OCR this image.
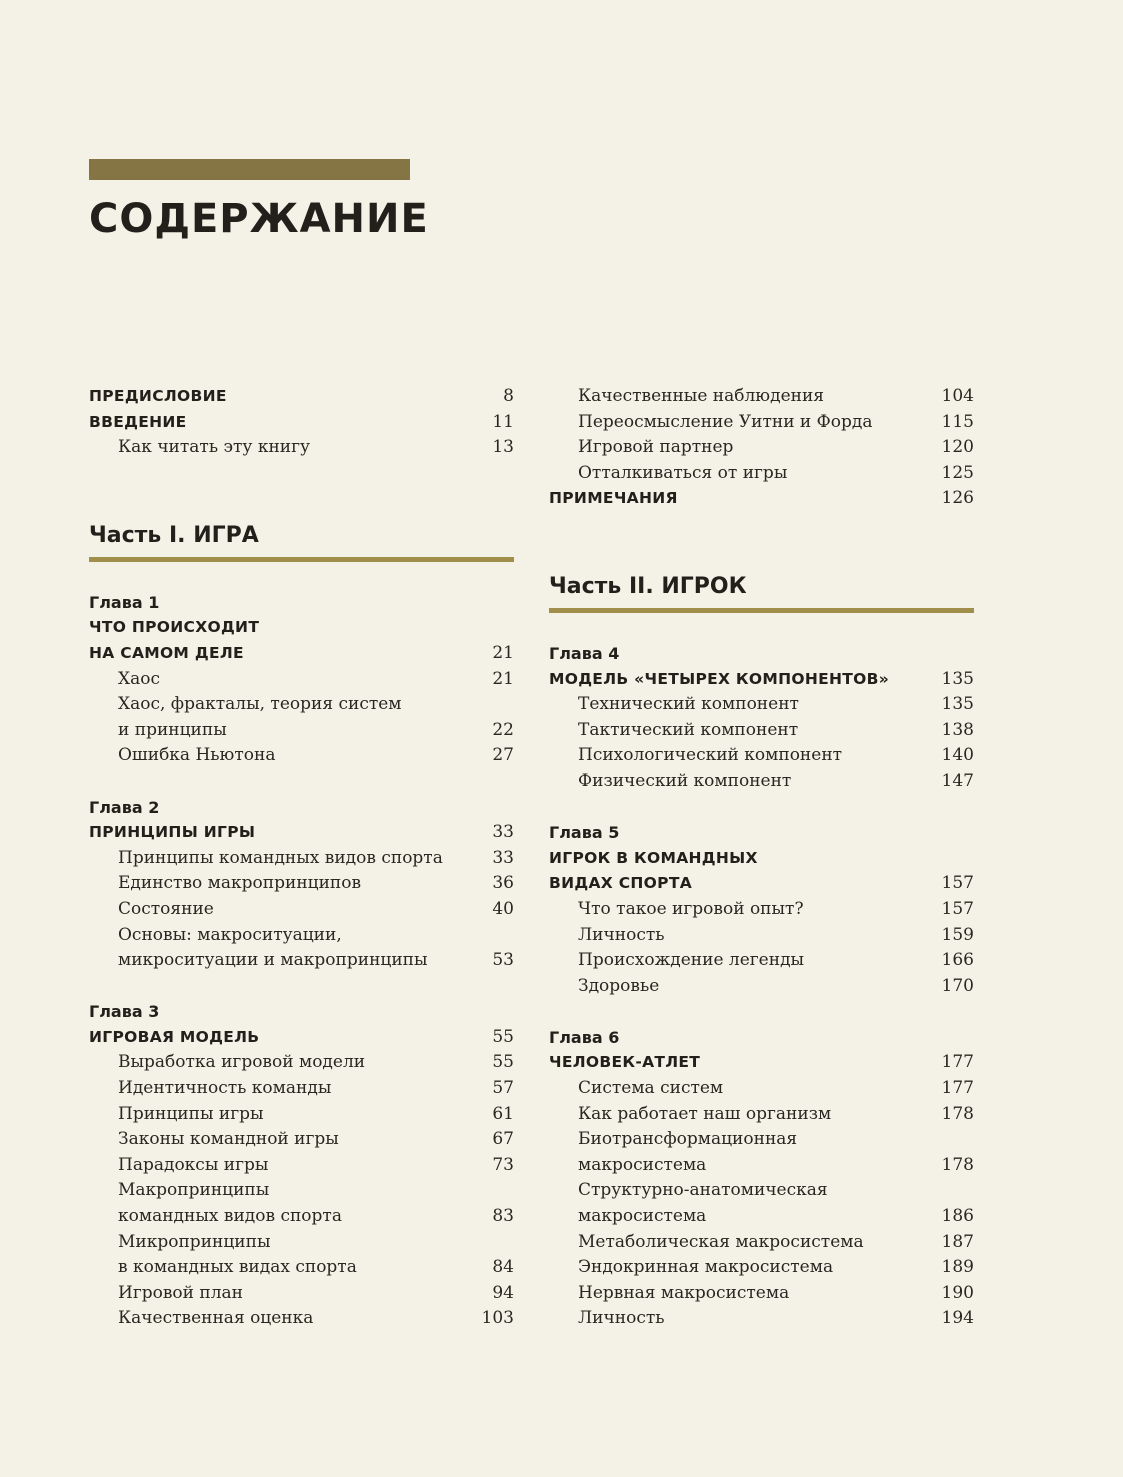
СОДЕРЖАНИЕ
ПРЕДИСЛОВИЕ	8
ВВЕДЕНИЕ	11
Как читать эту книгу	13
Часть I. ИГРА
Глава 1
ЧТО ПРОИСХОДИТ
НА САМОМ ДЕЛЕ	21
Хаос	21
Хаос, фракталы, теория систем
и принципы	22
Ошибка Ньютона	27
Глава 2
ПРИНЦИПЫ ИГРЫ	33
Принципы командных видов спорта	33
Единство макропринципов	36
Состояние	40
Основы: макроситуации,
микроситуации и макропринципы	53
Глава 3
ИГРОВАЯ МОДЕЛЬ	55
Выработка игровой модели	55
Идентичность команды	57
Принципы игры	61
Законы командной игры	67
Парадоксы игры	73
Макропринципы
командных видов спорта	83
Микропринципы
в командных видах спорта	84
Игровой план	94
Качественная оценка	103
Качественные наблюдения	104
Переосмысление Уитни и Форда	115
Игровой партнер	120
Отталкиваться от игры	125
ПРИМЕЧАНИЯ	126
Часть II. ИГРОК
Глава 4
МОДЕЛЬ «ЧЕТЫРЕХ КОМПОНЕНТОВ»	135
Технический компонент	135
Тактический компонент	138
Психологический компонент	140
Физический компонент	147
Глава 5
ИГРОК В КОМАНДНЫХ
ВИДАХ СПОРТА	157
Что такое игровой опыт?	157
Личность	159
Происхождение легенды	166
Здоровье	170
Глава 6
ЧЕЛОВЕК-АТЛЕТ	177
Система систем	177
Как работает наш организм	178
Биотрансформационная
макросистема	178
Структурно-анатомическая
макросистема	186
Метаболическая макросистема	187
Эндокринная макросистема	189
Нервная макросистема	190
Личность	194
